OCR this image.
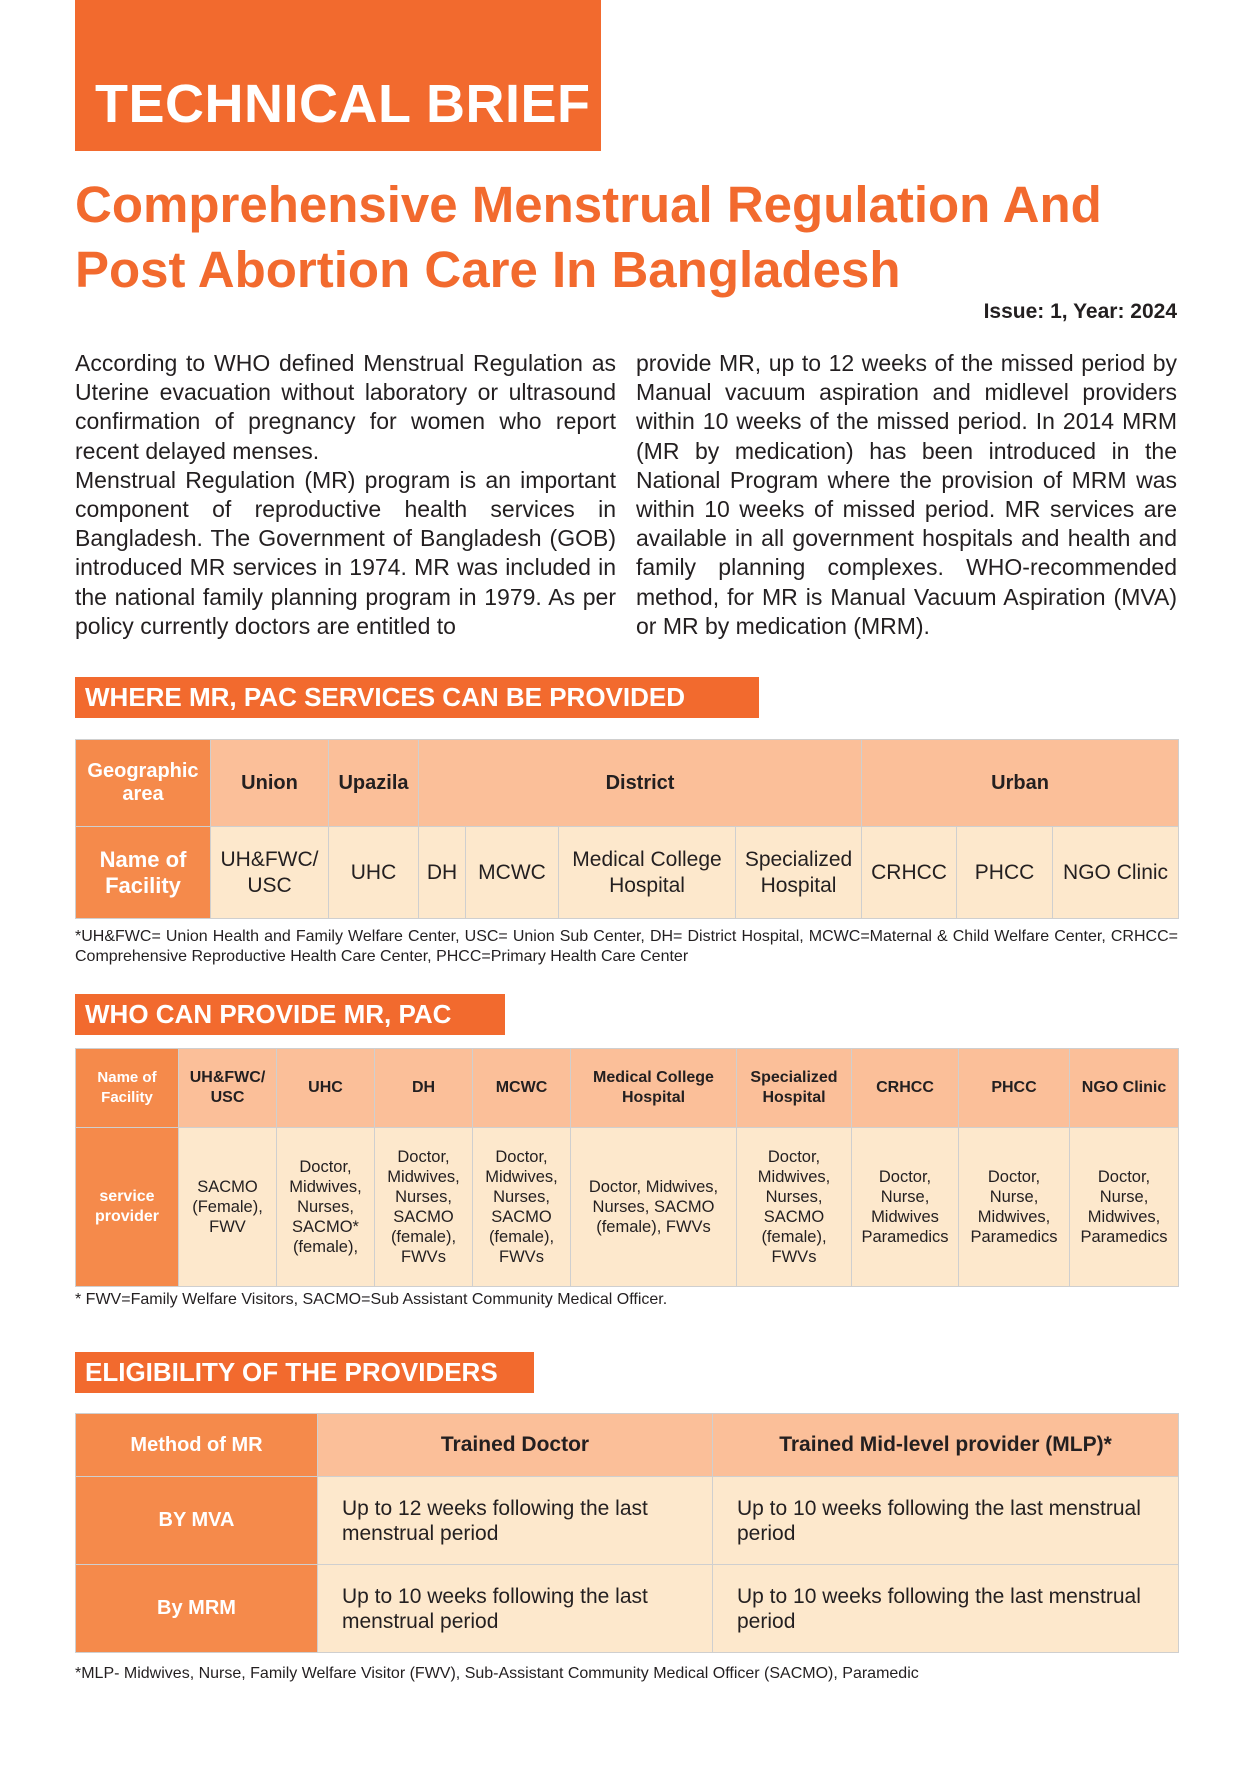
TECHNICAL BRIEF
Comprehensive Menstrual Regulation And
Post Abortion Care In Bangladesh
Issue: 1, Year: 2024

According to WHO defined Menstrual Regulation as Uterine evacuation without laboratory or ultrasound confirmation of pregnancy for women who report recent delayed menses.

Menstrual Regulation (MR) program is an important component of reproductive health services in Bangladesh. The Government of Bangladesh (GOB) introduced MR services in 1974. MR was included in the national family planning program in 1979. As per policy currently doctors are entitled to

provide MR, up to 12 weeks of the missed period by Manual vacuum aspiration and midlevel providers within 10 weeks of the missed period. In 2014 MRM (MR by medication) has been introduced in the National Program where the provision of MRM was within 10 weeks of missed period. MR services are available in all government hospitals and health and family planning complexes. WHO-recommended method, for MR is Manual Vacuum Aspiration (MVA) or MR by medication (MRM).

WHERE MR, PAC SERVICES CAN BE PROVIDED
Geographic area	Union	Upazila	District				Urban		
Name of Facility	UH&FWC/ USC	UHC	DH	MCWC	Medical College Hospital	Specialized Hospital	CRHCC	PHCC	NGO Clinic

*UH&FWC= Union Health and Family Welfare Center, USC= Union Sub Center, DH= District Hospital, MCWC=Maternal & Child Welfare Center, CRHCC= Comprehensive Reproductive Health Care Center, PHCC=Primary Health Care Center

WHO CAN PROVIDE MR, PAC
Name of Facility	UH&FWC/ USC	UHC	DH	MCWC	Medical College Hospital	Specialized Hospital	CRHCC	PHCC	NGO Clinic
service provider	SACMO (Female), FWV	Doctor, Midwives, Nurses, SACMO* (female),	Doctor, Midwives, Nurses, SACMO (female), FWVs	Doctor, Midwives, Nurses, SACMO (female), FWVs	Doctor, Midwives, Nurses, SACMO (female), FWVs	Doctor, Midwives, Nurses, SACMO (female), FWVs	Doctor, Nurse, Midwives Paramedics	Doctor, Nurse, Midwives, Paramedics	Doctor, Nurse, Midwives, Paramedics

* FWV=Family Welfare Visitors, SACMO=Sub Assistant Community Medical Officer.

ELIGIBILITY OF THE PROVIDERS
Method of MR	Trained Doctor	Trained Mid-level provider (MLP)*
BY MVA	Up to 12 weeks following the last menstrual period	Up to 10 weeks following the last menstrual period
By MRM	Up to 10 weeks following the last menstrual period	Up to 10 weeks following the last menstrual period

*MLP- Midwives, Nurse, Family Welfare Visitor (FWV), Sub-Assistant Community Medical Officer (SACMO), Paramedic
